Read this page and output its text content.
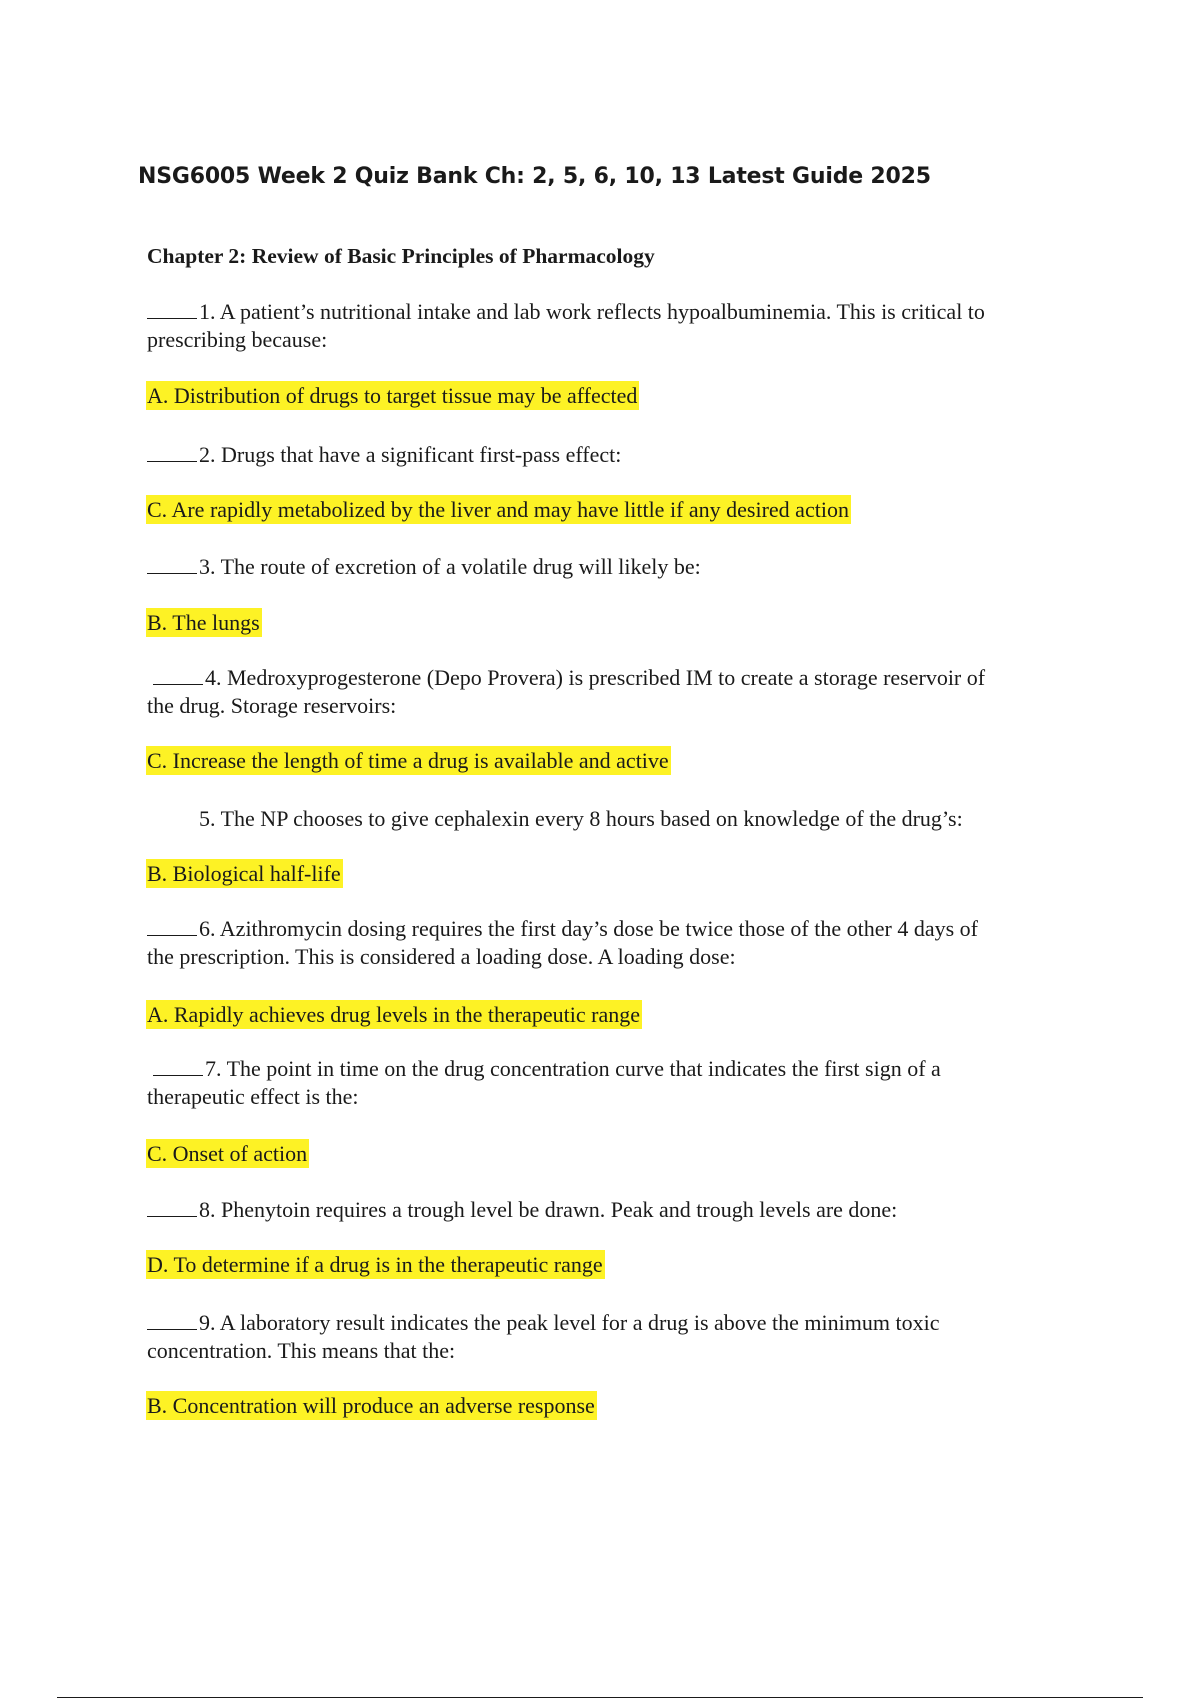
NSG6005 Week 2 Quiz Bank Ch: 2, 5, 6, 10, 13 Latest Guide 2025
Chapter 2: Review of Basic Principles of Pharmacology
1. A patient’s nutritional intake and lab work reflects hypoalbuminemia. This is critical to
prescribing because:
A. Distribution of drugs to target tissue may be affected
2. Drugs that have a significant first-pass effect:
C. Are rapidly metabolized by the liver and may have little if any desired action
3. The route of excretion of a volatile drug will likely be:
B. The lungs
4. Medroxyprogesterone (Depo Provera) is prescribed IM to create a storage reservoir of
the drug. Storage reservoirs:
C. Increase the length of time a drug is available and active
5. The NP chooses to give cephalexin every 8 hours based on knowledge of the drug’s:
B. Biological half-life
6. Azithromycin dosing requires the first day’s dose be twice those of the other 4 days of
the prescription. This is considered a loading dose. A loading dose:
A. Rapidly achieves drug levels in the therapeutic range
7. The point in time on the drug concentration curve that indicates the first sign of a
therapeutic effect is the:
C. Onset of action
8. Phenytoin requires a trough level be drawn. Peak and trough levels are done:
D. To determine if a drug is in the therapeutic range
9. A laboratory result indicates the peak level for a drug is above the minimum toxic
concentration. This means that the:
B. Concentration will produce an adverse response
